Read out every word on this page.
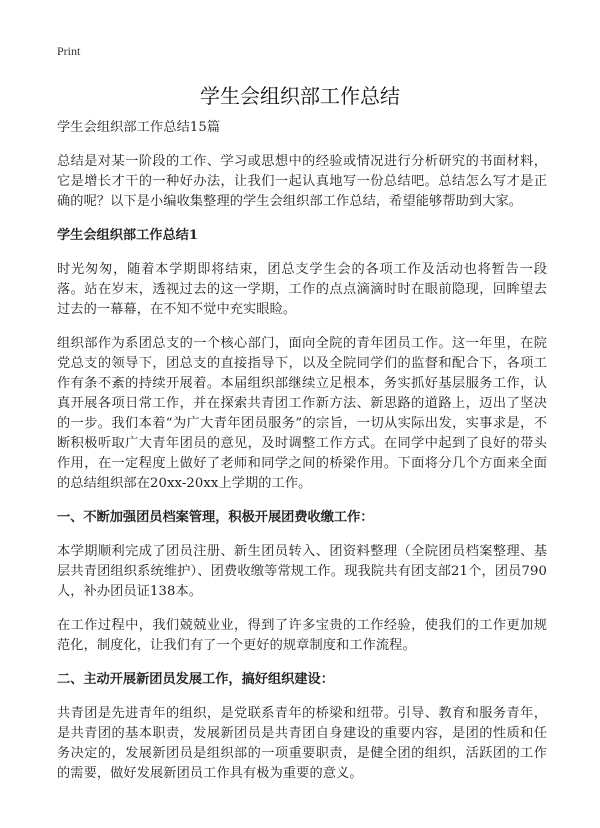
Print
学生会组织部工作总结

学生会组织部工作总结15篇

总结是对某一阶段的工作、学习或思想中的经验或情况进行分析研究的书面材料，它是增长才干的一种好办法，让我们一起认真地写一份总结吧。总结怎么写才是正确的呢？以下是小编收集整理的学生会组织部工作总结，希望能够帮助到大家。

学生会组织部工作总结1

时光匆匆，随着本学期即将结束，团总支学生会的各项工作及活动也将暂告一段落。站在岁末，透视过去的这一学期，工作的点点滴滴时时在眼前隐现，回眸望去过去的一幕幕，在不知不觉中充实眼睑。

组织部作为系团总支的一个核心部门，面向全院的青年团员工作。这一年里，在院党总支的领导下，团总支的直接指导下，以及全院同学们的监督和配合下，各项工作有条不紊的持续开展着。本届组织部继续立足根本，务实抓好基层服务工作，认真开展各项日常工作，并在探索共青团工作新方法、新思路的道路上，迈出了坚决的一步。我们本着“为广大青年团员服务”的宗旨，一切从实际出发，实事求是，不断积极听取广大青年团员的意见，及时调整工作方式。在同学中起到了良好的带头作用，在一定程度上做好了老师和同学之间的桥梁作用。下面将分几个方面来全面的总结组织部在20xx-20xx上学期的工作。

一、不断加强团员档案管理，积极开展团费收缴工作：

本学期顺利完成了团员注册、新生团员转入、团资料整理（全院团员档案整理、基层共青团组织系统维护）、团费收缴等常规工作。现我院共有团支部21个，团员790人，补办团员证138本。

在工作过程中，我们兢兢业业，得到了许多宝贵的工作经验，使我们的工作更加规范化，制度化，让我们有了一个更好的规章制度和工作流程。

二、主动开展新团员发展工作，搞好组织建设：

共青团是先进青年的组织，是党联系青年的桥梁和纽带。引导、教育和服务青年，是共青团的基本职责，发展新团员是共青团自身建设的重要内容，是团的性质和任务决定的，发展新团员是组织部的一项重要职责，是健全团的组织，活跃团的工作的需要，做好发展新团员工作具有极为重要的意义。
